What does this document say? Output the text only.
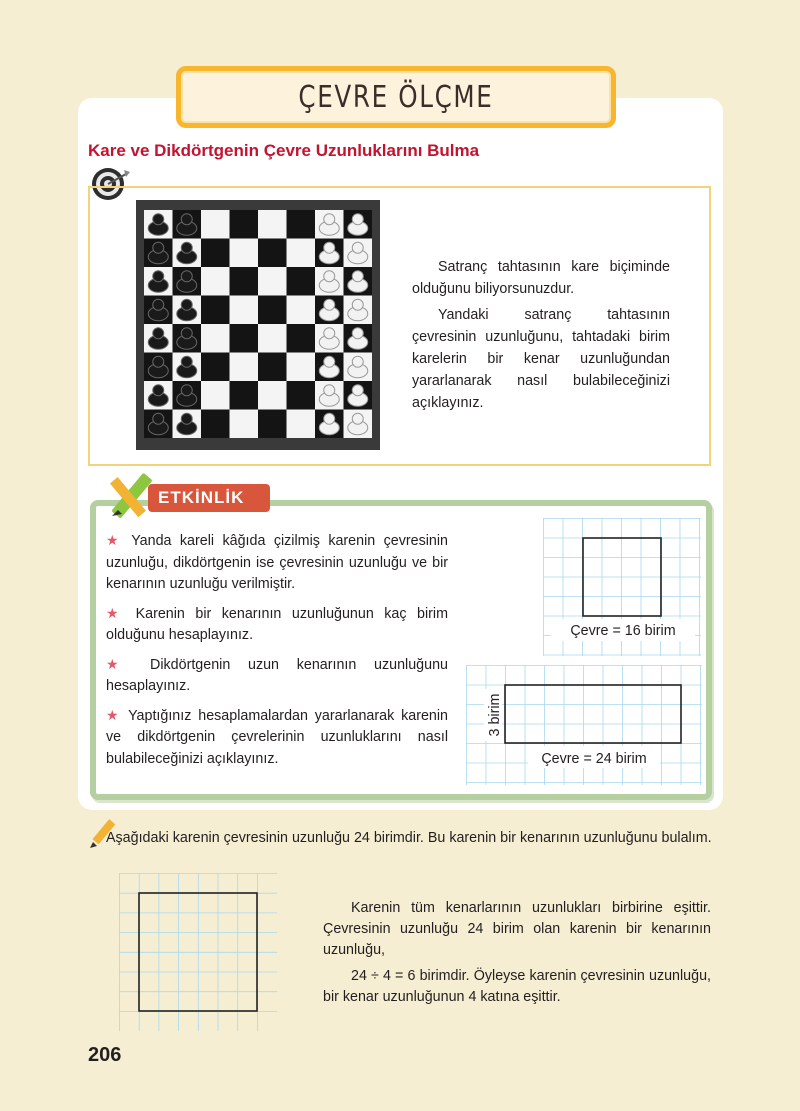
ÇEVRE ÖLÇME
Kare ve Dikdörtgenin Çevre Uzunluklarını Bulma

Satranç tahtasının kare biçiminde olduğunu biliyorsunuzdur.

Yandaki satranç tahtasının çevresinin uzunluğunu, tahtadaki birim karelerin bir kenar uzunluğundan yararlanarak nasıl bulabileceğinizi açıklayınız.

ETKİNLİK

★ Yanda kareli kâğıda çizilmiş karenin çevresinin uzunluğu, dikdörtgenin ise çevresinin uzunluğu ve bir kenarının uzunluğu verilmiştir.

★ Karenin bir kenarının uzunluğunun kaç birim olduğunu hesaplayınız.

★ Dikdörtgenin uzun kenarının uzunluğunu hesaplayınız.

★ Yaptığınız hesaplamalardan yararlanarak karenin ve dikdörtgenin çevrelerinin uzunluklarını nasıl bulabileceğinizi açıklayınız.

Çevre = 16 birim
3 birim
Çevre = 24 birim
Aşağıdaki karenin çevresinin uzunluğu 24 birimdir. Bu karenin bir kenarının uzunluğunu bulalım.

Karenin tüm kenarlarının uzunlukları birbirine eşittir. Çevresinin uzunluğu 24 birim olan karenin bir kenarının uzunluğu,

24 ÷ 4 = 6 birimdir. Öyleyse karenin çevresinin uzunluğu, bir kenar uzunluğunun 4 katına eşittir.

206
